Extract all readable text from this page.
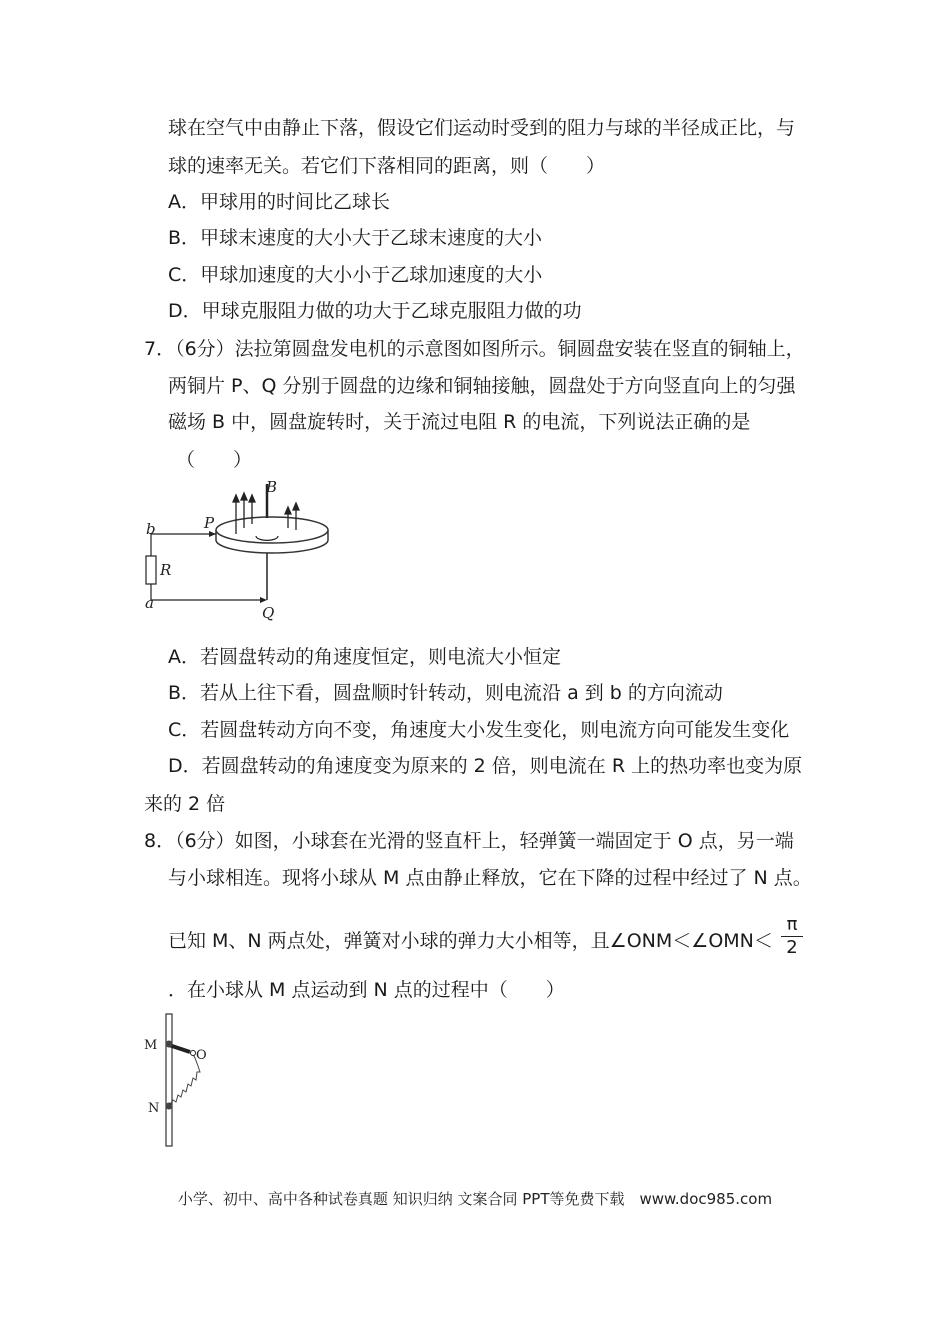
球在空气中由静止下落，假设它们运动时受到的阻力与球的半径成正比，与
球的速率无关。若它们下落相同的距离，则（　　）
A．甲球用的时间比乙球长
B．甲球末速度的大小大于乙球末速度的大小
C．甲球加速度的大小小于乙球加速度的大小
D．甲球克服阻力做的功大于乙球克服阻力做的功
7．（6分）法拉第圆盘发电机的示意图如图所示。铜圆盘安装在竖直的铜轴上，
两铜片 P、Q 分别于圆盘的边缘和铜轴接触，圆盘处于方向竖直向上的匀强
磁场 B 中，圆盘旋转时，关于流过电阻 R 的电流，下列说法正确的是
（　　）
B
P
b
R
a
Q
A．若圆盘转动的角速度恒定，则电流大小恒定
B．若从上往下看，圆盘顺时针转动，则电流沿 a 到 b 的方向流动
C．若圆盘转动方向不变，角速度大小发生变化，则电流方向可能发生变化
D．若圆盘转动的角速度变为原来的 2 倍，则电流在 R 上的热功率也变为原
来的 2 倍
8．（6分）如图，小球套在光滑的竖直杆上，轻弹簧一端固定于 O 点，另一端
与小球相连。现将小球从 M 点由静止释放，它在下降的过程中经过了 N 点。
已知 M、N 两点处，弹簧对小球的弹力大小相等，且∠ONM＜∠OMN＜
π
2
．在小球从 M 点运动到 N 点的过程中（　　）
M
O
N
小学、初中、高中各种试卷真题 知识归纳 文案合同 PPT等免费下载　www.doc985.com
